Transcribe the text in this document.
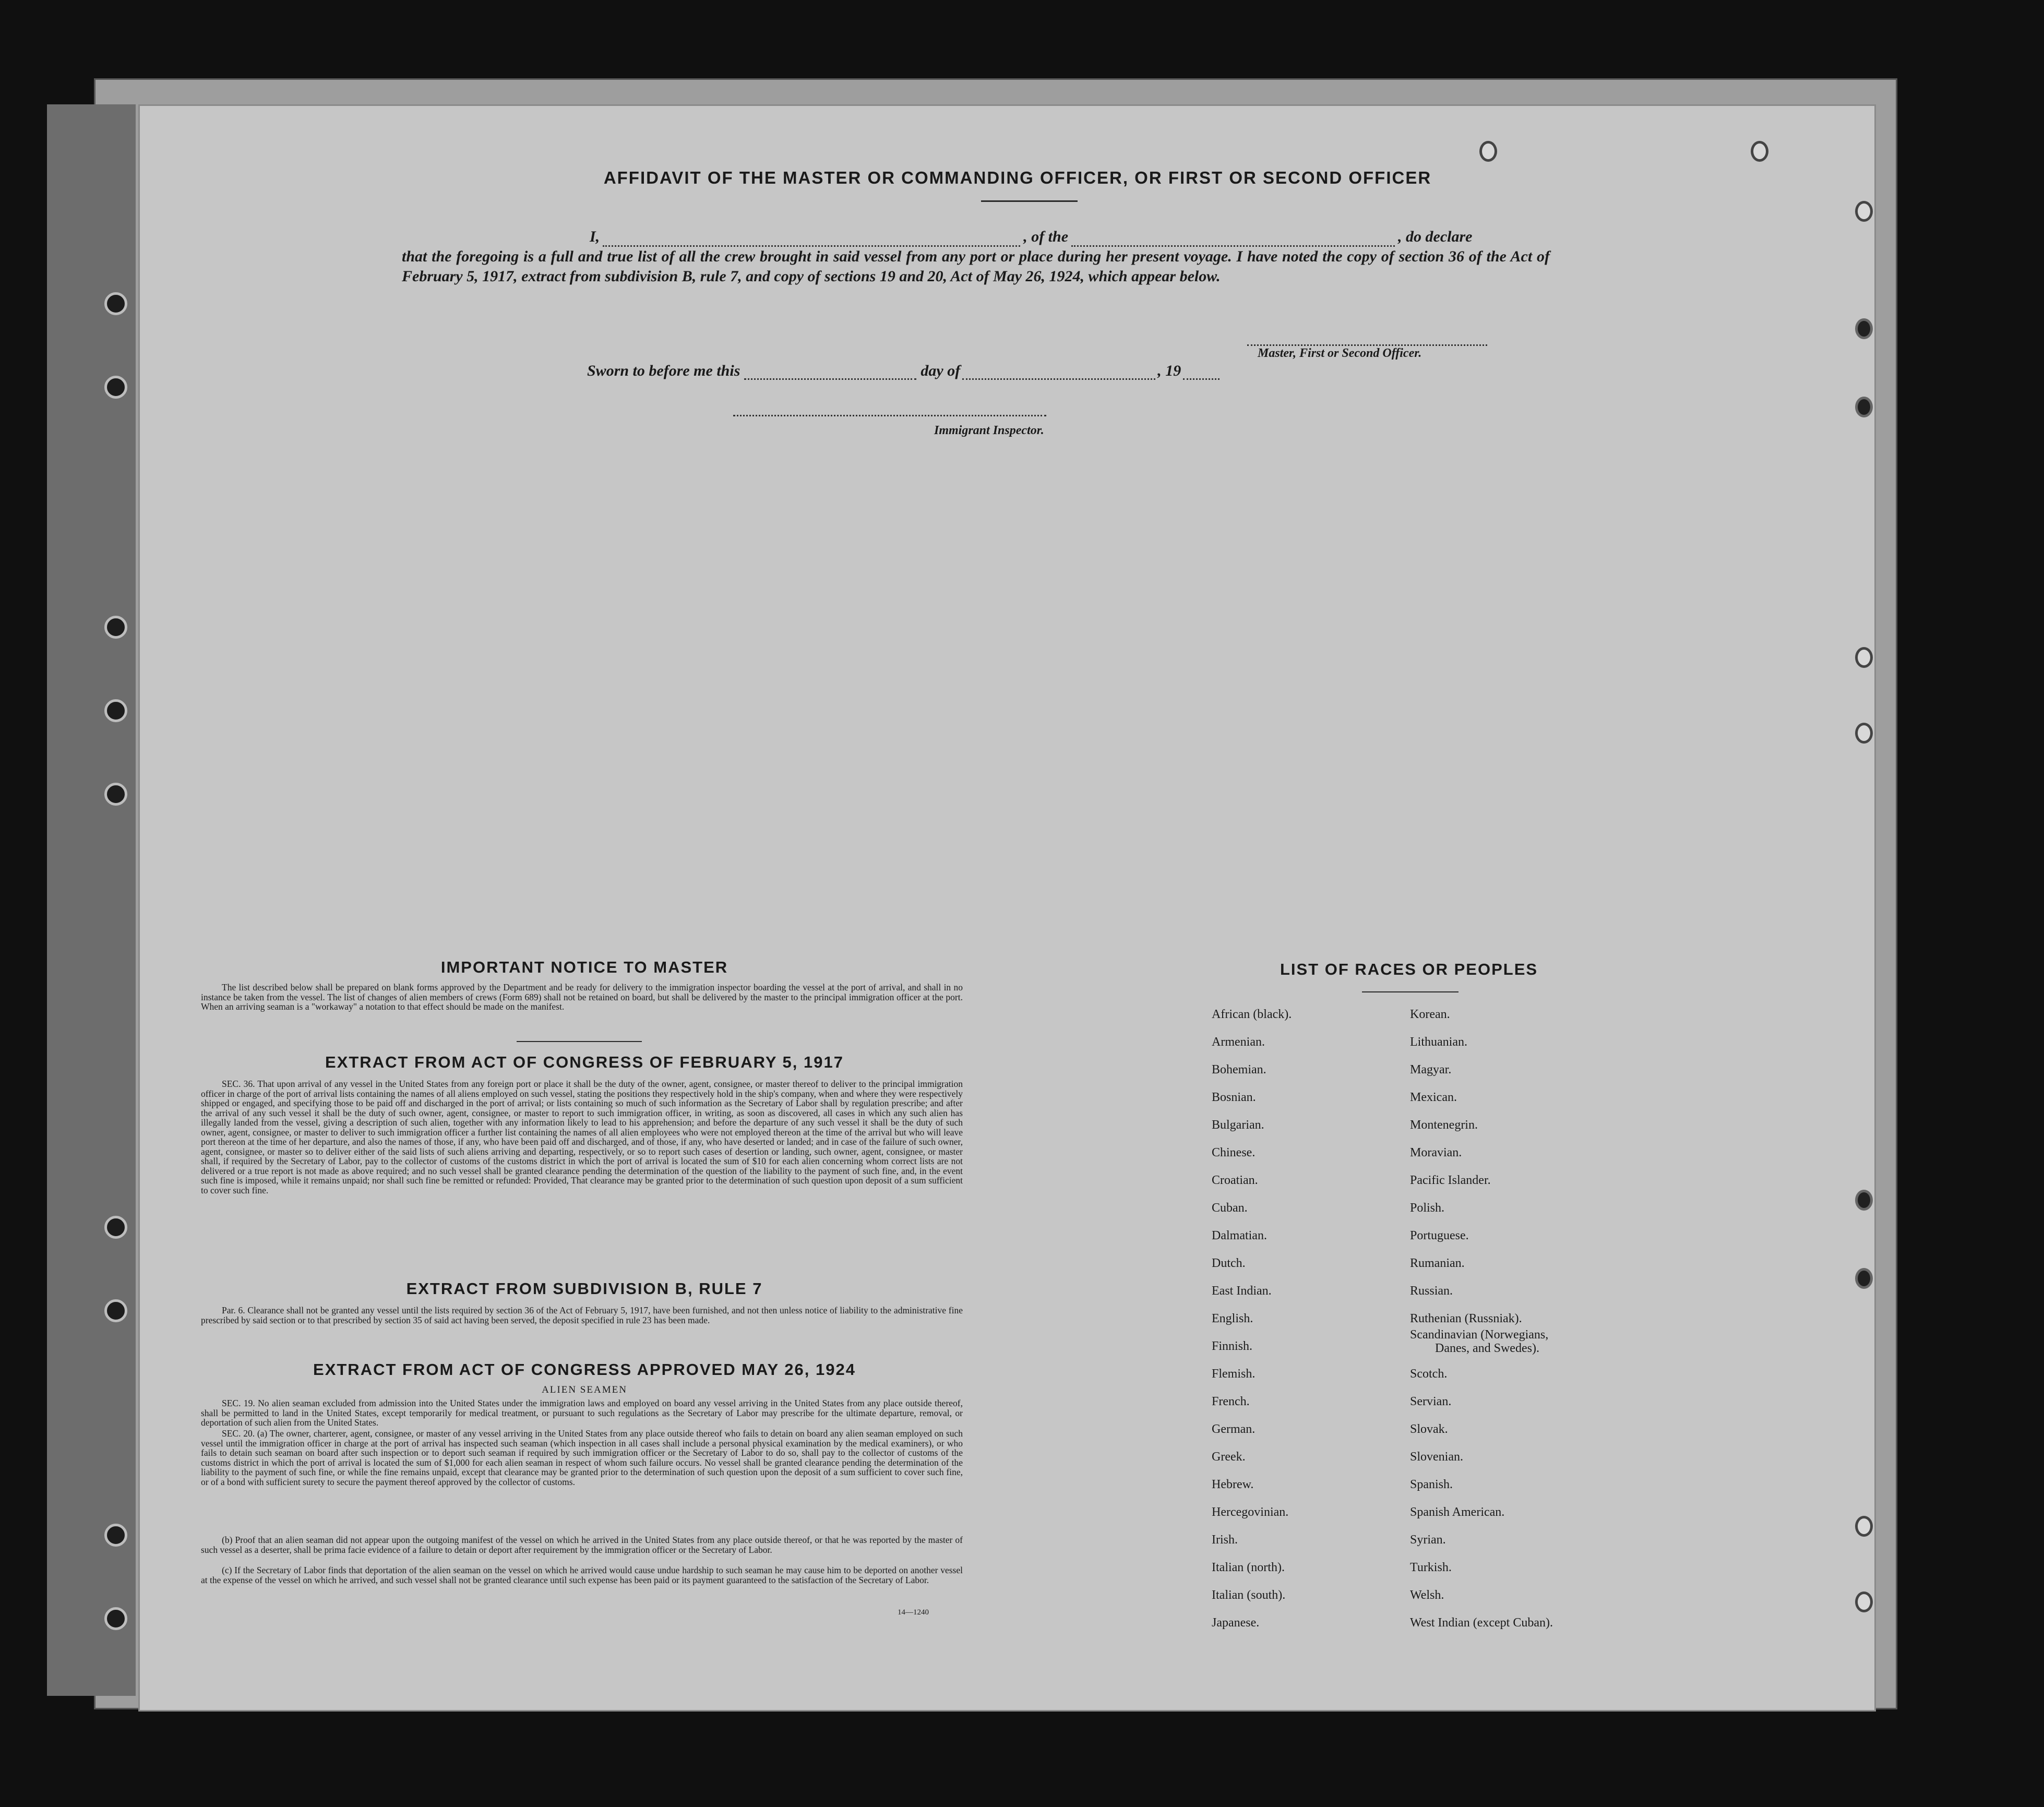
AFFIDAVIT OF THE MASTER OR COMMANDING OFFICER, OR FIRST OR SECOND OFFICER
I,	, of the	, do declare
that the foregoing is a full and true list of all the crew brought in said vessel from any port or place during her present voyage. I have noted the copy of section 36 of the Act of February 5, 1917, extract from subdivision B, rule 7, and copy of sections 19 and 20, Act of May 26, 1924, which appear below.
Master, First or Second Officer.
Sworn to before me this	day of	, 19
Immigrant Inspector.
IMPORTANT NOTICE TO MASTER
The list described below shall be prepared on blank forms approved by the Department and be ready for delivery to the immigration inspector boarding the vessel at the port of arrival, and shall in no instance be taken from the vessel. The list of changes of alien members of crews (Form 689) shall not be retained on board, but shall be delivered by the master to the principal immigration officer at the port. When an arriving seaman is a "workaway" a notation to that effect should be made on the manifest.
EXTRACT FROM ACT OF CONGRESS OF FEBRUARY 5, 1917
SEC. 36. That upon arrival of any vessel in the United States from any foreign port or place it shall be the duty of the owner, agent, consignee, or master thereof to deliver to the principal immigration officer in charge of the port of arrival lists containing the names of all aliens employed on such vessel, stating the positions they respectively hold in the ship's company, when and where they were respectively shipped or engaged, and specifying those to be paid off and discharged in the port of arrival; or lists containing so much of such information as the Secretary of Labor shall by regulation prescribe; and after the arrival of any such vessel it shall be the duty of such owner, agent, consignee, or master to report to such immigration officer, in writing, as soon as discovered, all cases in which any such alien has illegally landed from the vessel, giving a description of such alien, together with any information likely to lead to his apprehension; and before the departure of any such vessel it shall be the duty of such owner, agent, consignee, or master to deliver to such immigration officer a further list containing the names of all alien employees who were not employed thereon at the time of the arrival but who will leave port thereon at the time of her departure, and also the names of those, if any, who have been paid off and discharged, and of those, if any, who have deserted or landed; and in case of the failure of such owner, agent, consignee, or master so to deliver either of the said lists of such aliens arriving and departing, respectively, or so to report such cases of desertion or landing, such owner, agent, consignee, or master shall, if required by the Secretary of Labor, pay to the collector of customs of the customs district in which the port of arrival is located the sum of $10 for each alien concerning whom correct lists are not delivered or a true report is not made as above required; and no such vessel shall be granted clearance pending the determination of the question of the liability to the payment of such fine, and, in the event such fine is imposed, while it remains unpaid; nor shall such fine be remitted or refunded: Provided, That clearance may be granted prior to the determination of such question upon deposit of a sum sufficient to cover such fine.
EXTRACT FROM SUBDIVISION B, RULE 7
Par. 6. Clearance shall not be granted any vessel until the lists required by section 36 of the Act of February 5, 1917, have been furnished, and not then unless notice of liability to the administrative fine prescribed by said section or to that prescribed by section 35 of said act having been served, the deposit specified in rule 23 has been made.
EXTRACT FROM ACT OF CONGRESS APPROVED MAY 26, 1924
ALIEN SEAMEN
SEC. 19. No alien seaman excluded from admission into the United States under the immigration laws and employed on board any vessel arriving in the United States from any place outside thereof, shall be permitted to land in the United States, except temporarily for medical treatment, or pursuant to such regulations as the Secretary of Labor may prescribe for the ultimate departure, removal, or deportation of such alien from the United States.
SEC. 20. (a) The owner, charterer, agent, consignee, or master of any vessel arriving in the United States from any place outside thereof who fails to detain on board any alien seaman employed on such vessel until the immigration officer in charge at the port of arrival has inspected such seaman (which inspection in all cases shall include a personal physical examination by the medical examiners), or who fails to detain such seaman on board after such inspection or to deport such seaman if required by such immigration officer or the Secretary of Labor to do so, shall pay to the collector of customs of the customs district in which the port of arrival is located the sum of $1,000 for each alien seaman in respect of whom such failure occurs. No vessel shall be granted clearance pending the determination of the liability to the payment of such fine, or while the fine remains unpaid, except that clearance may be granted prior to the determination of such question upon the deposit of a sum sufficient to cover such fine, or of a bond with sufficient surety to secure the payment thereof approved by the collector of customs.
(b) Proof that an alien seaman did not appear upon the outgoing manifest of the vessel on which he arrived in the United States from any place outside thereof, or that he was reported by the master of such vessel as a deserter, shall be prima facie evidence of a failure to detain or deport after requirement by the immigration officer or the Secretary of Labor.
(c) If the Secretary of Labor finds that deportation of the alien seaman on the vessel on which he arrived would cause undue hardship to such seaman he may cause him to be deported on another vessel at the expense of the vessel on which he arrived, and such vessel shall not be granted clearance until such expense has been paid or its payment guaranteed to the satisfaction of the Secretary of Labor.
14—1240
LIST OF RACES OR PEOPLES
African (black).
Armenian.
Bohemian.
Bosnian.
Bulgarian.
Chinese.
Croatian.
Cuban.
Dalmatian.
Dutch.
East Indian.
English.
Finnish.
Flemish.
French.
German.
Greek.
Hebrew.
Hercegovinian.
Irish.
Italian (north).
Italian (south).
Japanese.
Korean.
Lithuanian.
Magyar.
Mexican.
Montenegrin.
Moravian.
Pacific Islander.
Polish.
Portuguese.
Rumanian.
Russian.
Ruthenian (Russniak).
Scandinavian (Norwegians,
Danes, and Swedes).
Scotch.
Servian.
Slovak.
Slovenian.
Spanish.
Spanish American.
Syrian.
Turkish.
Welsh.
West Indian (except Cuban).
